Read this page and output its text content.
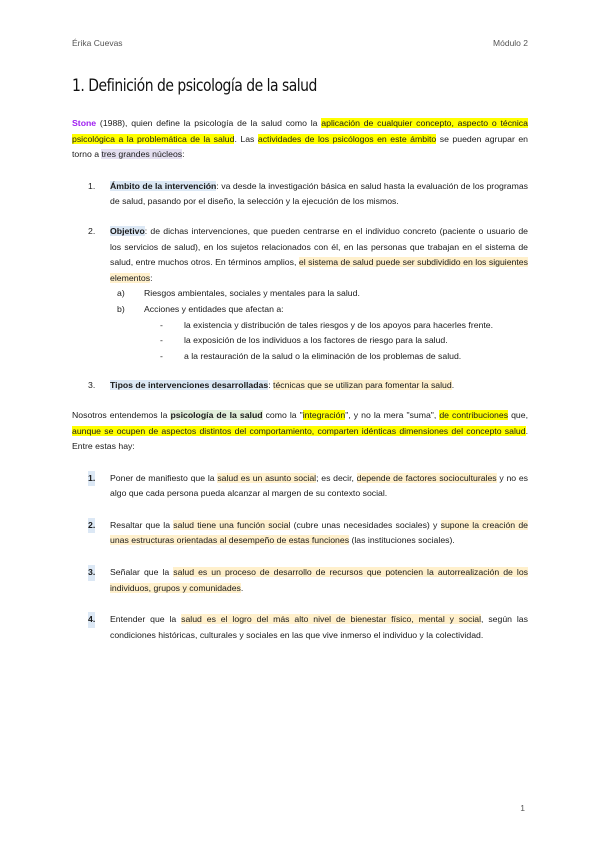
Érika Cuevas	Módulo 2
1. Definición de psicología de la salud

Stone (1988), quien define la psicología de la salud como la aplicación de cualquier concepto, aspecto o técnica psicológica a la problemática de la salud. Las actividades de los psicólogos en este ámbito se pueden agrupar en torno a tres grandes núcleos:

1. Ámbito de la intervención: va desde la investigación básica en salud hasta la evaluación de los programas de salud, pasando por el diseño, la selección y la ejecución de los mismos.

2. Objetivo: de dichas intervenciones, que pueden centrarse en el individuo concreto (paciente o usuario de los servicios de salud), en los sujetos relacionados con él, en las personas que trabajan en el sistema de salud, entre muchos otros. En términos amplios, el sistema de salud puede ser subdividido en los siguientes elementos:

a) Riesgos ambientales, sociales y mentales para la salud.
b) Acciones y entidades que afectan a:
- la existencia y distribución de tales riesgos y de los apoyos para hacerles frente.

- la exposición de los individuos a los factores de riesgo para la salud.

- a la restauración de la salud o la eliminación de los problemas de salud.

3. Tipos de intervenciones desarrolladas: técnicas que se utilizan para fomentar la salud.

Nosotros entendemos la psicología de la salud como la "integración", y no la mera "suma", de contribuciones que, aunque se ocupen de aspectos distintos del comportamiento, comparten idénticas dimensiones del concepto salud. Entre estas hay:

1. Poner de manifiesto que la salud es un asunto social; es decir, depende de factores socioculturales y no es algo que cada persona pueda alcanzar al margen de su contexto social.

2. Resaltar que la salud tiene una función social (cubre unas necesidades sociales) y supone la creación de unas estructuras orientadas al desempeño de estas funciones (las instituciones sociales).

3. Señalar que la salud es un proceso de desarrollo de recursos que potencien la autorrealización de los individuos, grupos y comunidades.

4. Entender que la salud es el logro del más alto nivel de bienestar físico, mental y social, según las condiciones históricas, culturales y sociales en las que vive inmerso el individuo y la colectividad.

1
